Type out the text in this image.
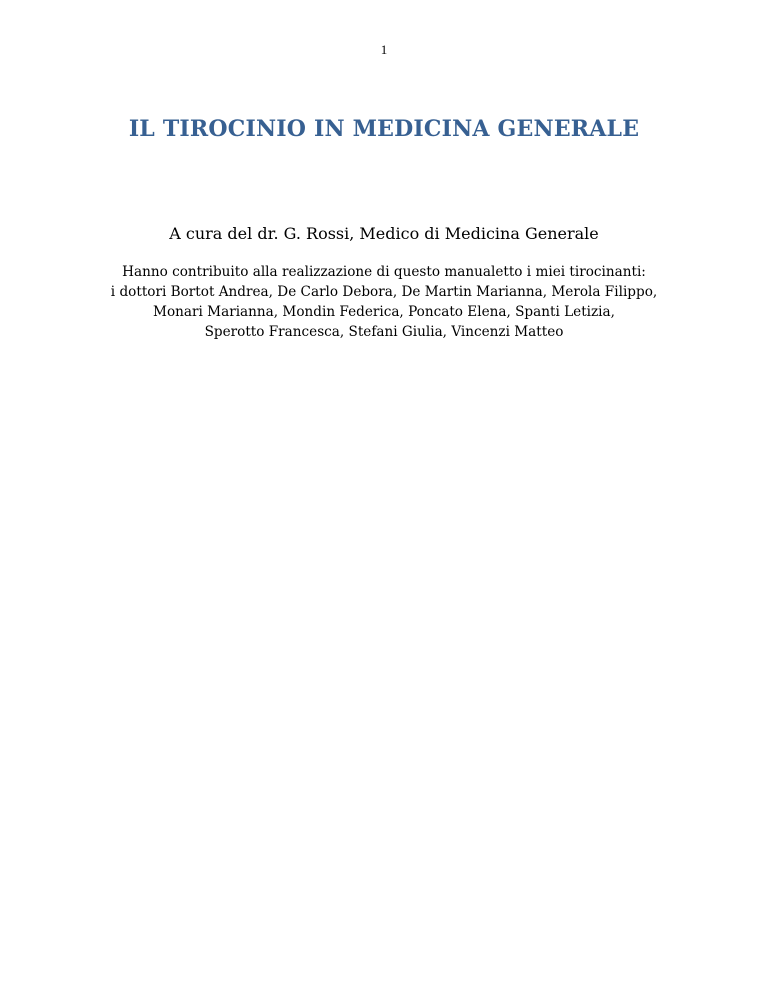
1
IL TIROCINIO IN MEDICINA GENERALE

A cura del dr. G. Rossi, Medico di Medicina Generale

Hanno contribuito alla realizzazione di questo manualetto i miei tirocinanti:
i dottori Bortot Andrea, De Carlo Debora, De Martin Marianna, Merola Filippo,
Monari Marianna, Mondin Federica, Poncato Elena, Spanti Letizia,
Sperotto Francesca, Stefani Giulia, Vincenzi Matteo
